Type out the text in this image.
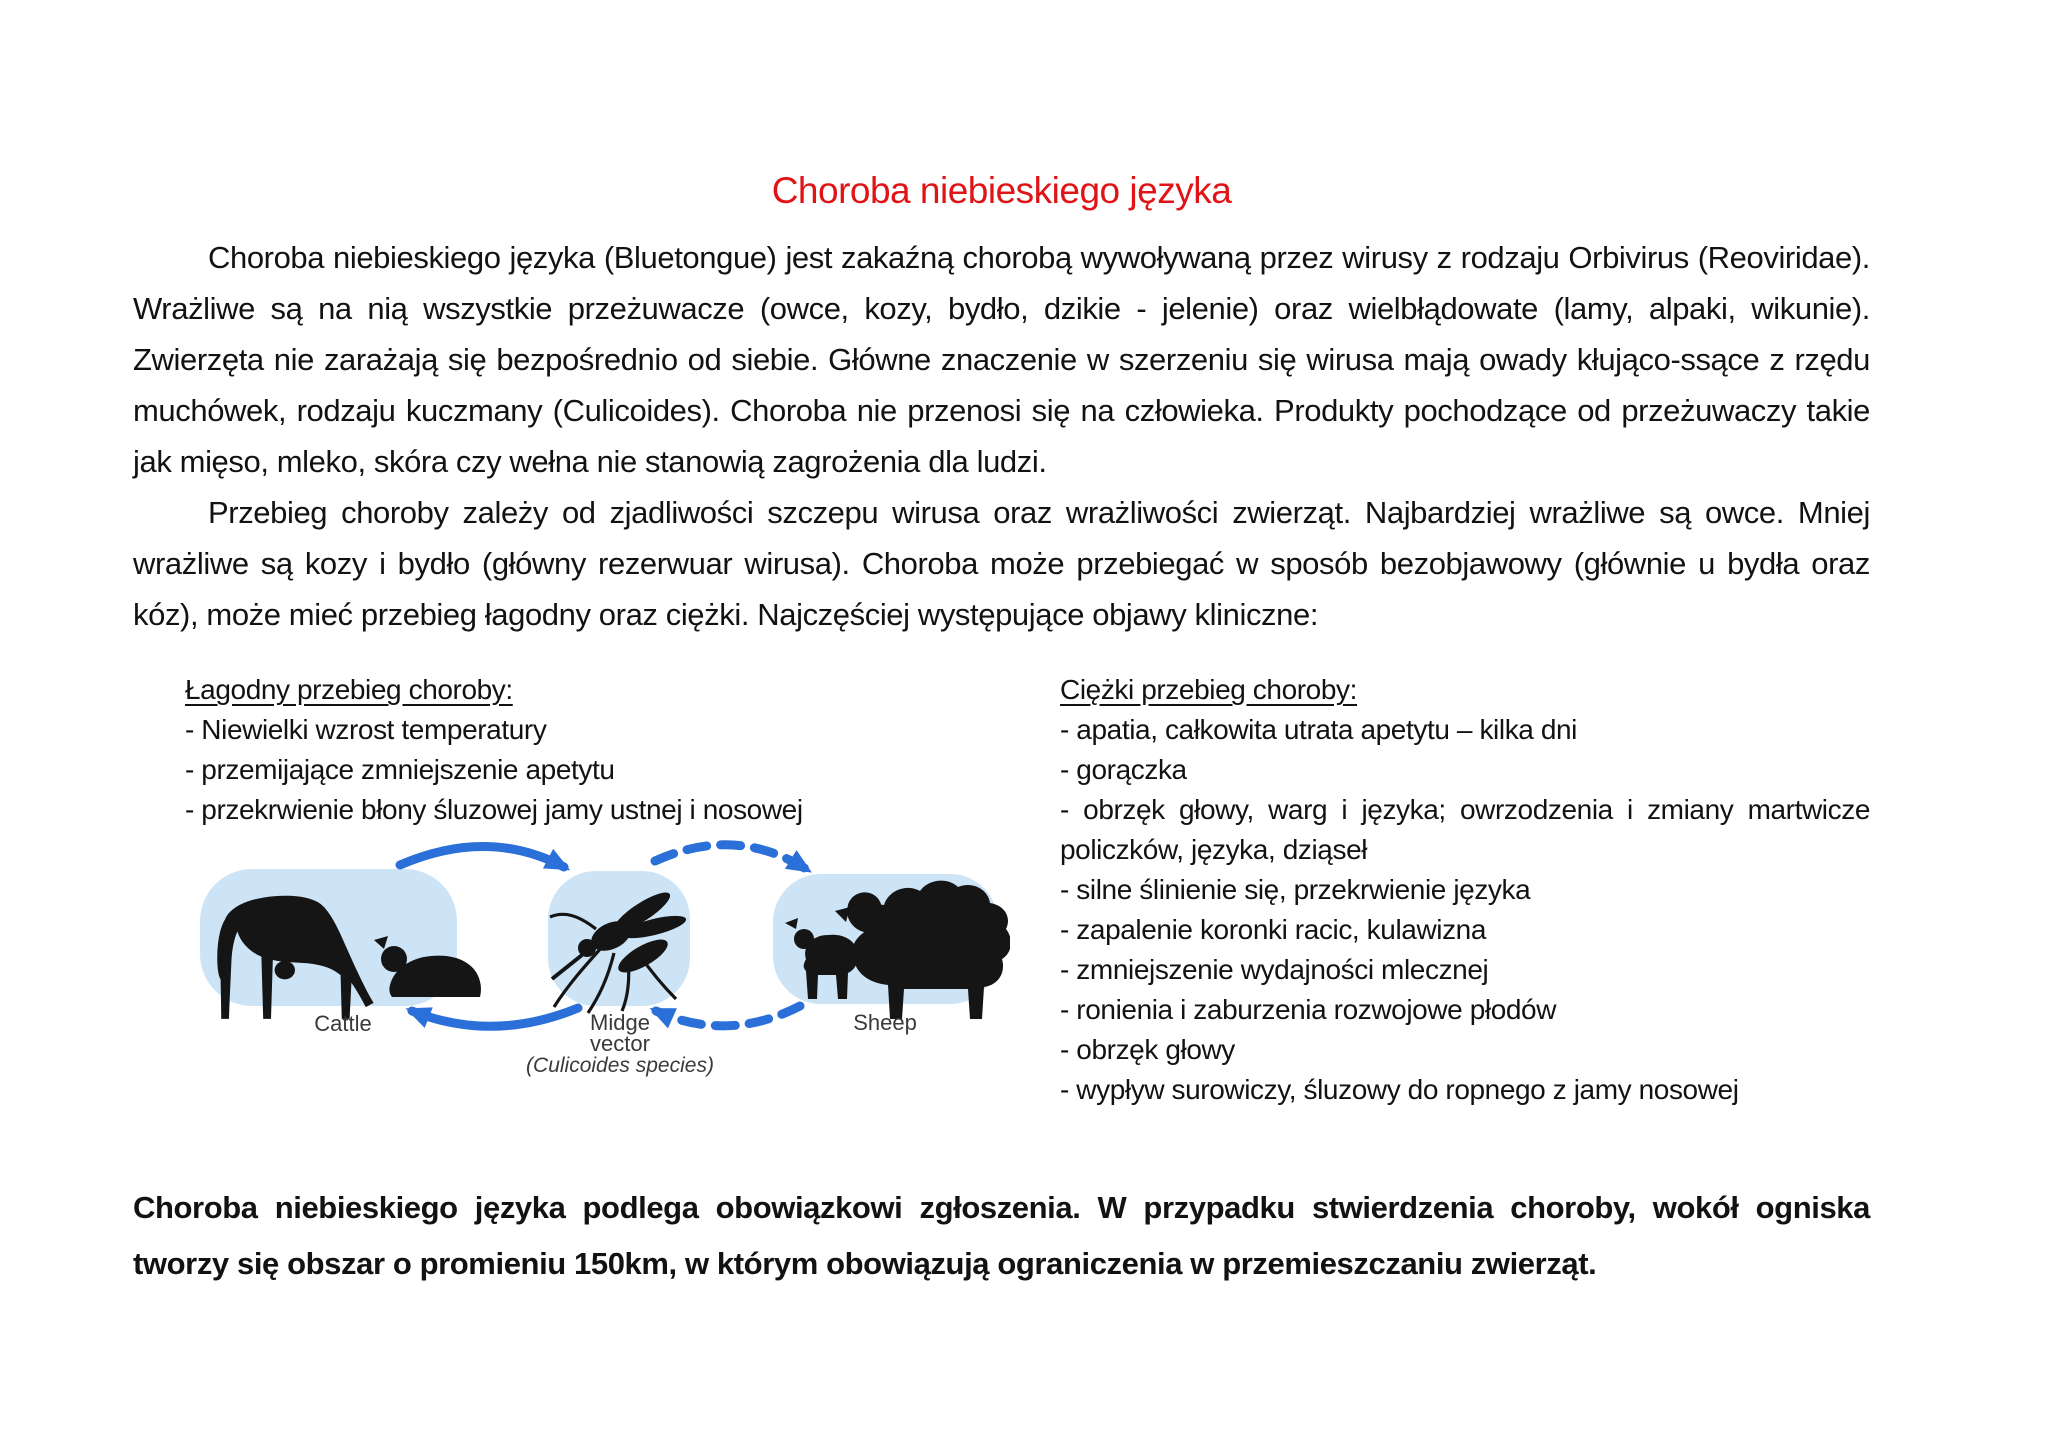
Choroba niebieskiego języka

Choroba niebieskiego języka (Bluetongue) jest zakaźną chorobą wywoływaną przez wirusy z rodzaju Orbivirus (Reoviridae). Wrażliwe są na nią wszystkie przeżuwacze (owce, kozy, bydło, dzikie - jelenie) oraz wielbłądowate (lamy, alpaki, wikunie). Zwierzęta nie zarażają się bezpośrednio od siebie. Główne znaczenie w szerzeniu się wirusa mają owady kłująco-ssące z rzędu muchówek, rodzaju kuczmany (Culicoides). Choroba nie przenosi się na człowieka. Produkty pochodzące od przeżuwaczy takie jak mięso, mleko, skóra czy wełna nie stanowią zagrożenia dla ludzi.

Przebieg choroby zależy od zjadliwości szczepu wirusa oraz wrażliwości zwierząt. Najbardziej wrażliwe są owce. Mniej wrażliwe są kozy i bydło (główny rezerwuar wirusa). Choroba może przebiegać w sposób bezobjawowy (głównie u bydła oraz kóz), może mieć przebieg łagodny oraz ciężki. Najczęściej występujące objawy kliniczne:

Łagodny przebieg choroby:
- Niewielki wzrost temperatury
- przemijające zmniejszenie apetytu
- przekrwienie błony śluzowej jamy ustnej i nosowej
Cattle	Midge
vector
(Culicoides species)
Sheep
Ciężki przebieg choroby:
- apatia, całkowita utrata apetytu – kilka dni
- gorączka
- obrzęk głowy, warg i języka; owrzodzenia i zmiany martwicze policzków, języka, dziąseł
- silne ślinienie się, przekrwienie języka
- zapalenie koronki racic, kulawizna
- zmniejszenie wydajności mlecznej
- ronienia i zaburzenia rozwojowe płodów
- obrzęk głowy
- wypływ surowiczy, śluzowy do ropnego z jamy nosowej

Choroba niebieskiego języka podlega obowiązkowi zgłoszenia. W przypadku stwierdzenia choroby, wokół ogniska tworzy się obszar o promieniu 150km, w którym obowiązują ograniczenia w przemieszczaniu zwierząt.
